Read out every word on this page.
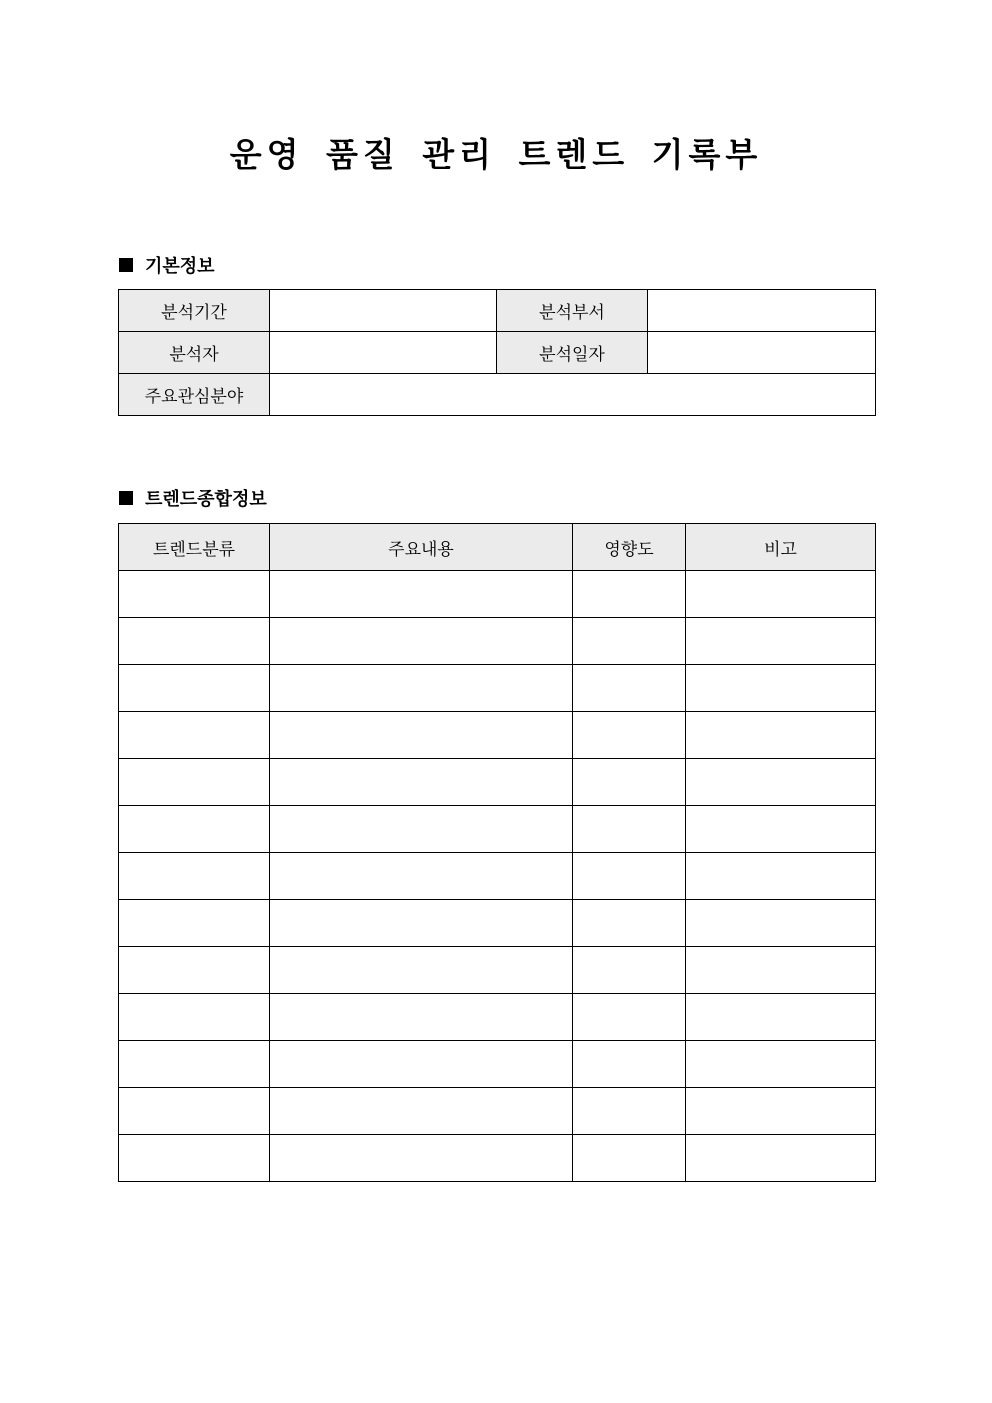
운영 품질 관리 트렌드 기록부
기본정보
분석기간		분석부서	
분석자		분석일자	
주요관심분야			
트렌드종합정보
트렌드분류	주요내용	영향도	비고
